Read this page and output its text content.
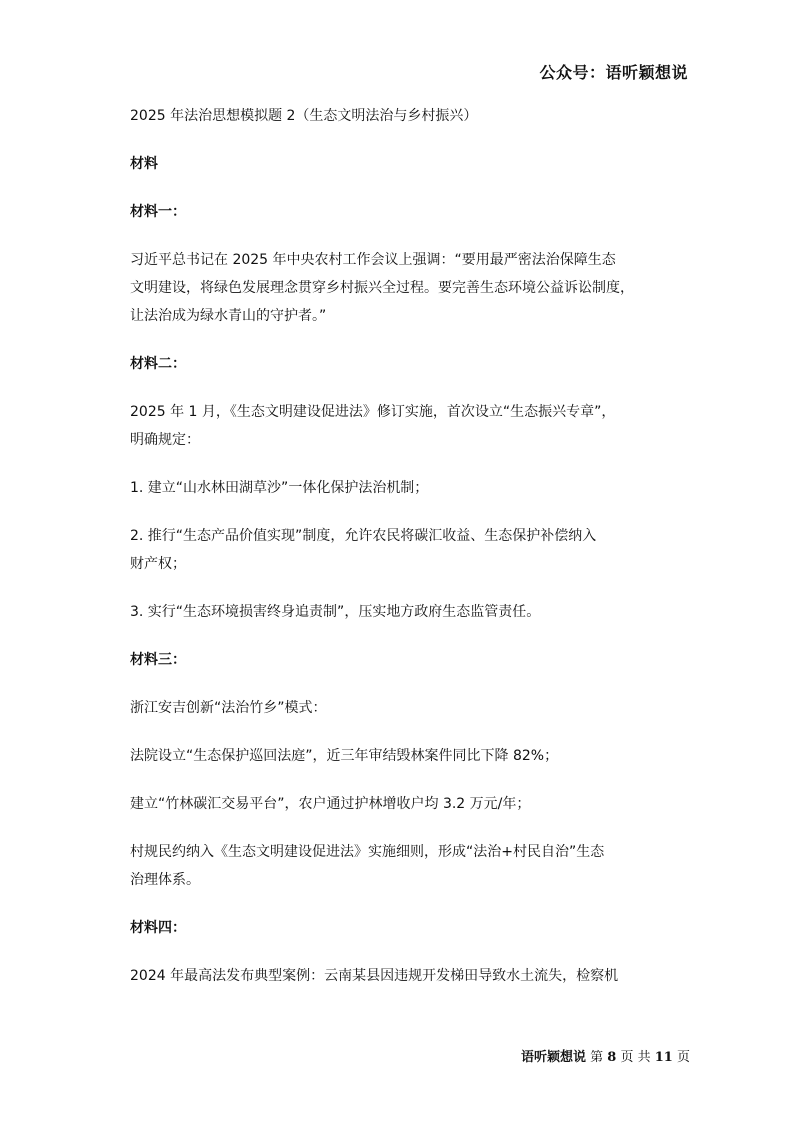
公众号：语听颖想说

2025 年法治思想模拟题 2（生态文明法治与乡村振兴）

材料

材料一：

习近平总书记在 2025 年中央农村工作会议上强调：“要用最严密法治保障生态

文明建设，将绿色发展理念贯穿乡村振兴全过程。要完善生态环境公益诉讼制度，

让法治成为绿水青山的守护者。”

材料二：

2025 年 1 月，《生态文明建设促进法》修订实施，首次设立“生态振兴专章”，

明确规定：

1. 建立“山水林田湖草沙”一体化保护法治机制；

2. 推行“生态产品价值实现”制度，允许农民将碳汇收益、生态保护补偿纳入

财产权；

3. 实行“生态环境损害终身追责制”，压实地方政府生态监管责任。

材料三：

浙江安吉创新“法治竹乡”模式：

法院设立“生态保护巡回法庭”，近三年审结毁林案件同比下降 82%；

建立“竹林碳汇交易平台”，农户通过护林增收户均 3.2 万元/年；

村规民约纳入《生态文明建设促进法》实施细则，形成“法治+村民自治”生态

治理体系。

材料四：

2024 年最高法发布典型案例：云南某县因违规开发梯田导致水土流失，检察机

语听颖想说 第 8 页 共 11 页
